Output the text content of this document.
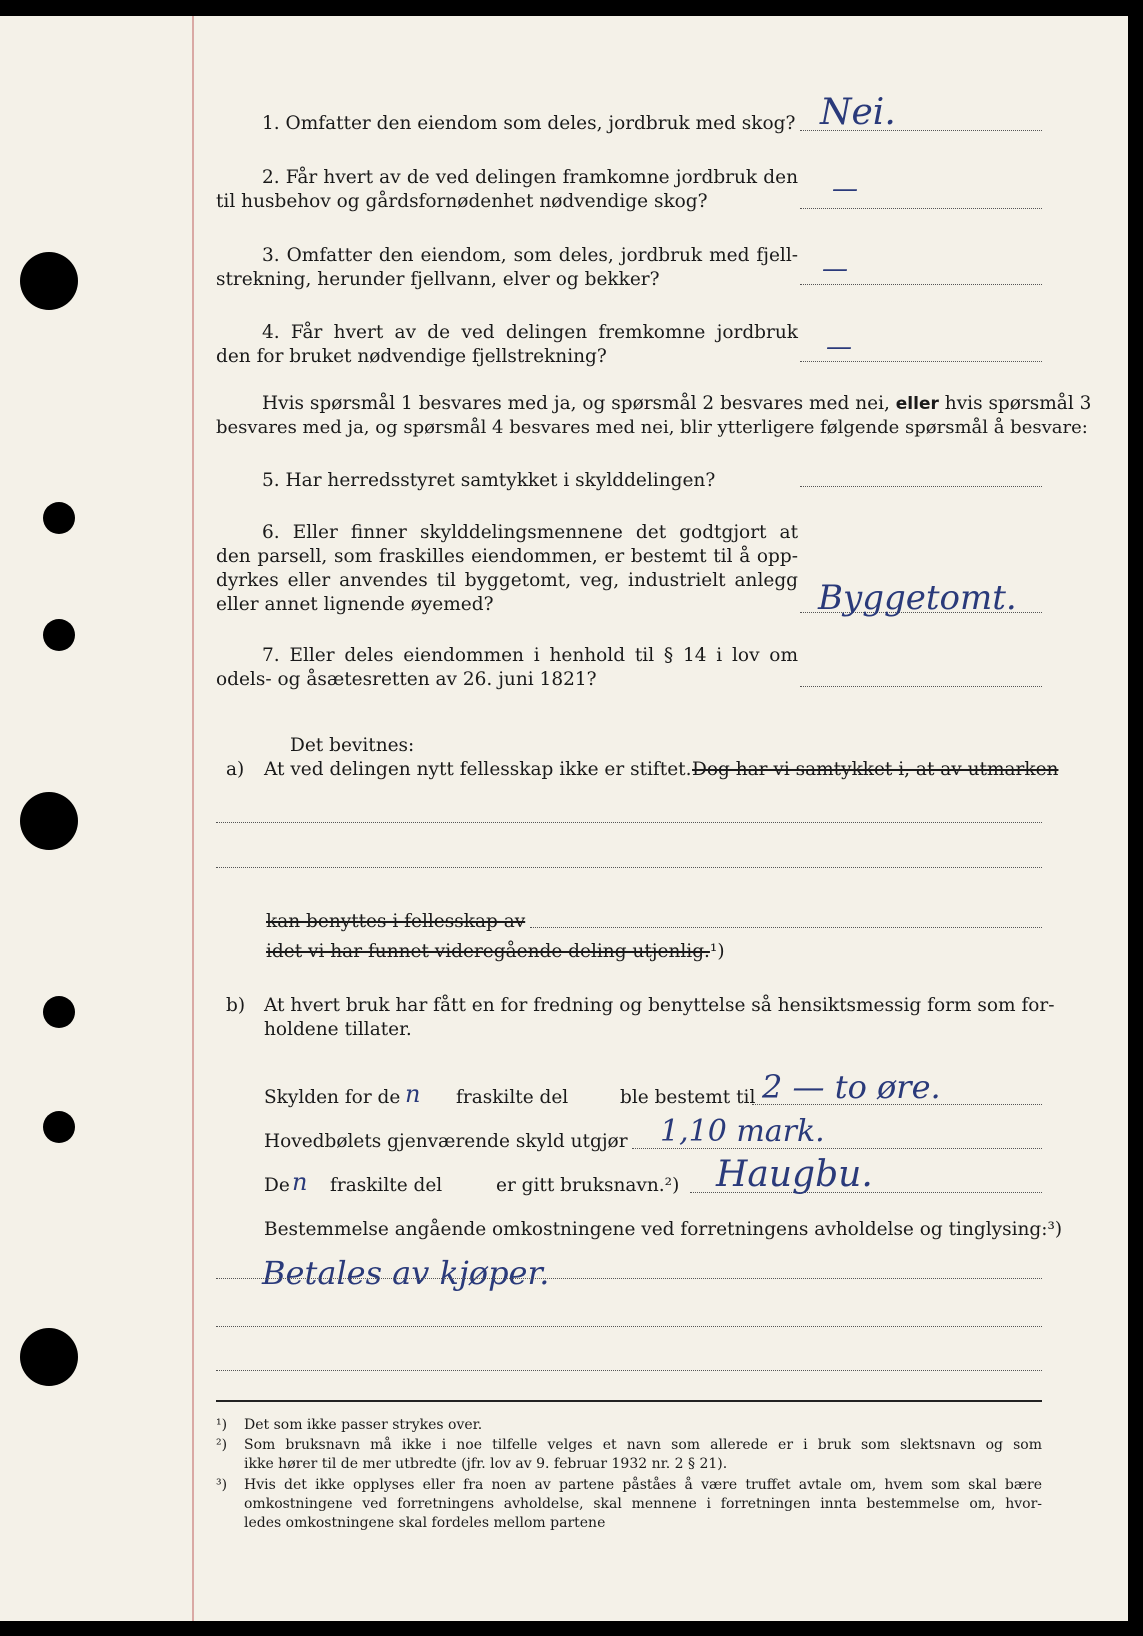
1. Omfatter den eiendom som deles, jordbruk med skog? Nei.
2. Får hvert av de ved delingen framkomne jordbruk den
til husbehov og gårdsfornødenhet nødvendige skog?	—
3. Omfatter den eiendom, som deles, jordbruk med fjell-
strekning, herunder fjellvann, elver og bekker?	—
4. Får hvert av de ved delingen fremkomne jordbruk
den for bruket nødvendige fjellstrekning?	—
Hvis spørsmål 1 besvares med ja, og spørsmål 2 besvares med nei, eller hvis spørsmål 3
besvares med ja, og spørsmål 4 besvares med nei, blir ytterligere følgende spørsmål å besvare:
5. Har herredsstyret samtykket i skylddelingen?
6. Eller finner skylddelingsmennene det godtgjort at
den parsell, som fraskilles eiendommen, er bestemt til å opp-
dyrkes eller anvendes til byggetomt, veg, industrielt anlegg
eller annet lignende øyemed?	Byggetomt.
7. Eller deles eiendommen i henhold til § 14 i lov om
odels- og åsætesretten av 26. juni 1821?
Det bevitnes:
a) At ved delingen nytt fellesskap ikke er stiftet. Dog har vi samtykket i, at av utmarken
kan benyttes i fellesskap av
idet vi har funnet videregående deling utjenlig.¹)
b) At hvert bruk har fått en for fredning og benyttelse så hensiktsmessig form som for-
holdene tillater.
Skylden for de n fraskilte del	ble bestemt til 2 — to øre.
Hovedbølets gjenværende skyld utgjør 1,10 mark.
De n fraskilte del	er gitt bruksnavn.²) Haugbu.
Bestemmelse angående omkostningene ved forretningens avholdelse og tinglysing:³)
Betales av kjøper.
¹) Det som ikke passer strykes over.
²) Som bruksnavn må ikke i noe tilfelle velges et navn som allerede er i bruk som slektsnavn og som
ikke hører til de mer utbredte (jfr. lov av 9. februar 1932 nr. 2 § 21).
³) Hvis det ikke opplyses eller fra noen av partene påståes å være truffet avtale om, hvem som skal bære
omkostningene ved forretningens avholdelse, skal mennene i forretningen innta bestemmelse om, hvor-
ledes omkostningene skal fordeles mellom partene
